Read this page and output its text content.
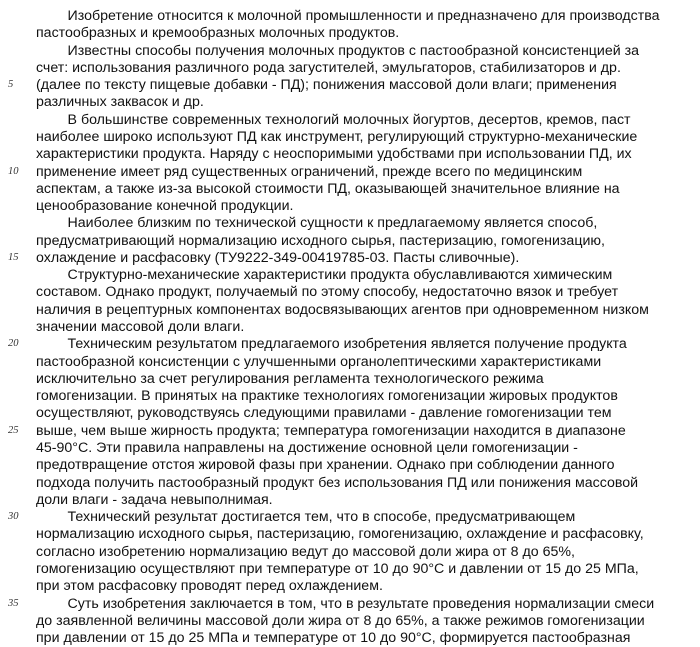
Изобретение относится к молочной промышленности и предназначено для производства
пастообразных и кремообразных молочных продуктов.
Известны способы получения молочных продуктов с пастообразной консистенцией за
счет: использования различного рода загустителей, эмульгаторов, стабилизаторов и др.
(далее по тексту пищевые добавки - ПД); понижения массовой доли влаги; применения
различных заквасок и др.
В большинстве современных технологий молочных йогуртов, десертов, кремов, паст
наиболее широко используют ПД как инструмент, регулирующий структурно-механические
характеристики продукта. Наряду с неоспоримыми удобствами при использовании ПД, их
применение имеет ряд существенных ограничений, прежде всего по медицинским
аспектам, а также из-за высокой стоимости ПД, оказывающей значительное влияние на
ценообразование конечной продукции.
Наиболее близким по технической сущности к предлагаемому является способ,
предусматривающий нормализацию исходного сырья, пастеризацию, гомогенизацию,
охлаждение и расфасовку (ТУ9222-349-00419785-03. Пасты сливочные).
Структурно-механические характеристики продукта обуславливаются химическим
составом. Однако продукт, получаемый по этому способу, недостаточно вязок и требует
наличия в рецептурных компонентах водосвязывающих агентов при одновременном низком
значении массовой доли влаги.
Техническим результатом предлагаемого изобретения является получение продукта
пастообразной консистенции с улучшенными органолептическими характеристиками
исключительно за счет регулирования регламента технологического режима
гомогенизации. В принятых на практике технологиях гомогенизации жировых продуктов
осуществляют, руководствуясь следующими правилами - давление гомогенизации тем
выше, чем выше жирность продукта; температура гомогенизации находится в диапазоне
45-90°С. Эти правила направлены на достижение основной цели гомогенизации -
предотвращение отстоя жировой фазы при хранении. Однако при соблюдении данного
подхода получить пастообразный продукт без использования ПД или понижения массовой
доли влаги - задача невыполнимая.
Технический результат достигается тем, что в способе, предусматривающем
нормализацию исходного сырья, пастеризацию, гомогенизацию, охлаждение и расфасовку,
согласно изобретению нормализацию ведут до массовой доли жира от 8 до 65%,
гомогенизацию осуществляют при температуре от 10 до 90°С и давлении от 15 до 25 МПа,
при этом расфасовку проводят перед охлаждением.
Суть изобретения заключается в том, что в результате проведения нормализации смеси
до заявленной величины массовой доли жира от 8 до 65%, а также режимов гомогенизации
при давлении от 15 до 25 МПа и температуре от 10 до 90°С, формируется пастообразная
5
10
15
20
25
30
35
